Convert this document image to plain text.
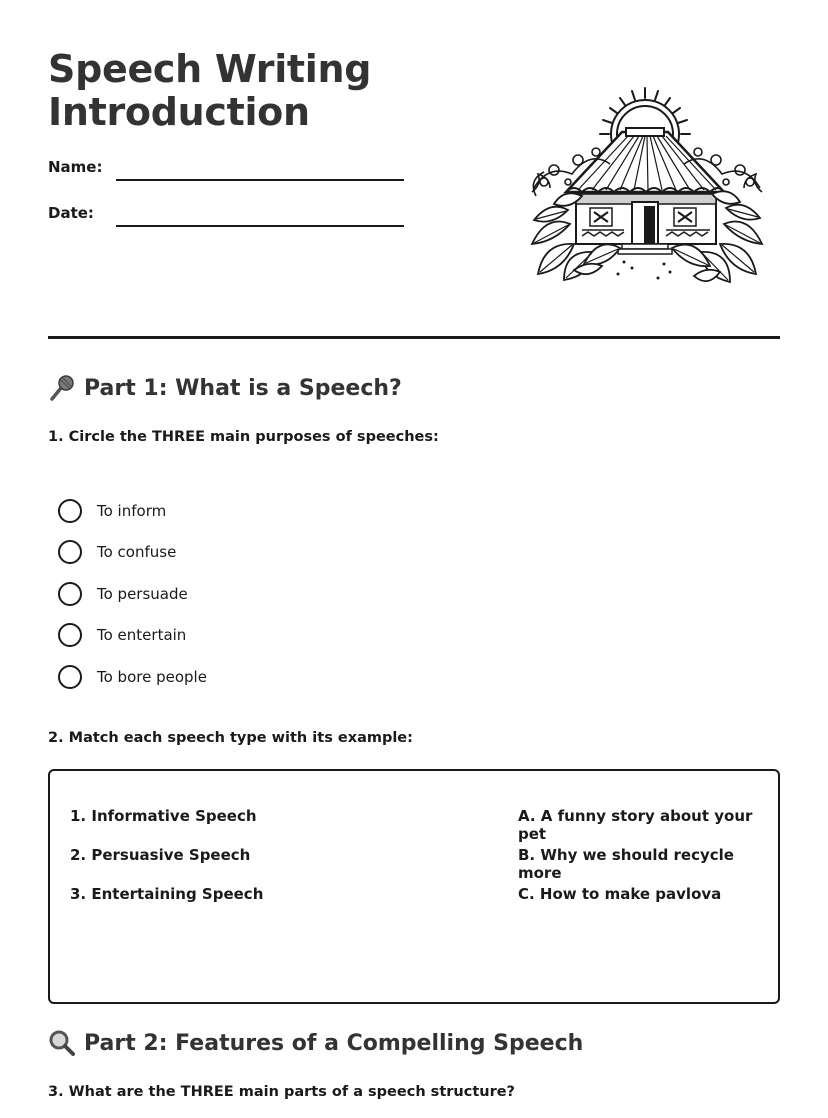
Speech Writing
Introduction
Name:
Date:
Part 1: What is a Speech?

1. Circle the THREE main purposes of speeches:

To inform
To confuse
To persuade
To entertain
To bore people

2. Match each speech type with its example:

1. Informative Speech
2. Persuasive Speech
3. Entertaining Speech
A. A funny story about your pet
B. Why we should recycle more
C. How to make pavlova
Part 2: Features of a Compelling Speech

3. What are the THREE main parts of a speech structure?
